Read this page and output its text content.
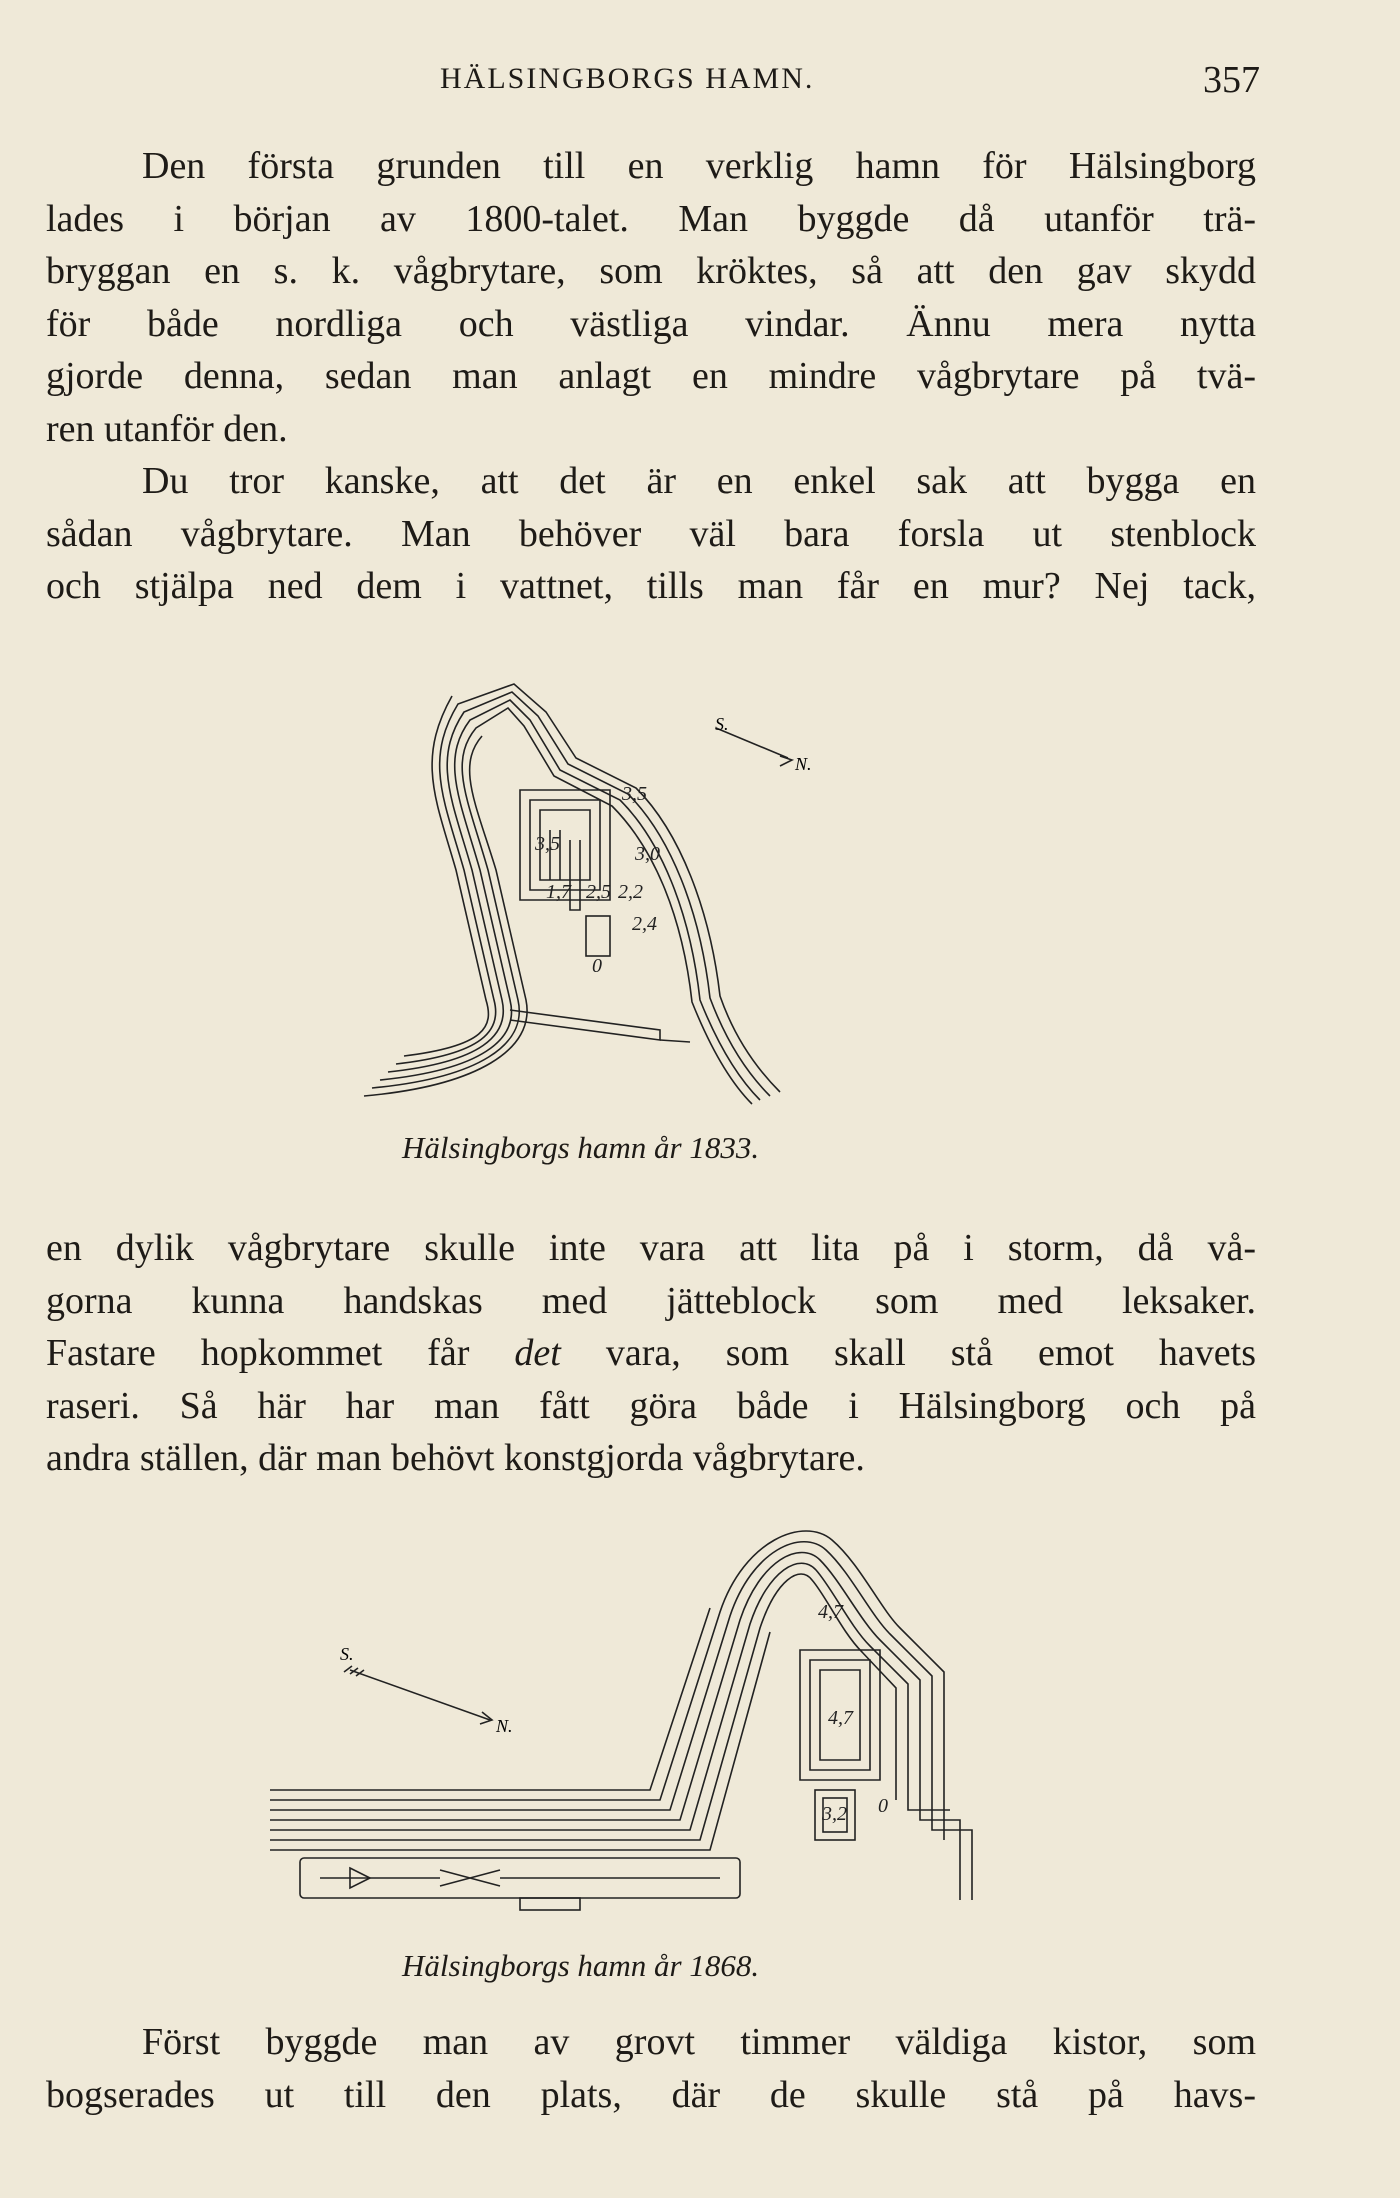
HÄLSINGBORGS HAMN.	357
Den första grunden till en verklig hamn för Hälsingborg
lades i början av 1800-talet. Man byggde då utanför trä-
bryggan en s. k. vågbrytare, som kröktes, så att den gav skydd
för både nordliga och västliga vindar. Ännu mera nytta
gjorde denna, sedan man anlagt en mindre vågbrytare på tvä-
ren utanför den.
Du tror kanske, att det är en enkel sak att bygga en
sådan vågbrytare. Man behöver väl bara forsla ut stenblock
och stjälpa ned dem i vattnet, tills man får en mur? Nej tack,
S.
N.
3,5
3,5	3,0
1,7 2,5 2,2
2,4
0
Hälsingborgs hamn år 1833.
en dylik vågbrytare skulle inte vara att lita på i storm, då vå-
gorna kunna handskas med jätteblock som med leksaker.
Fastare hopkommet får det vara, som skall stå emot havets
raseri. Så här har man fått göra både i Hälsingborg och på
andra ställen, där man behövt konstgjorda vågbrytare.
S.
N.
4,7
4,7
3,2 0
Hälsingborgs hamn år 1868.
Först byggde man av grovt timmer väldiga kistor, som
bogserades ut till den plats, där de skulle stå på havs-
